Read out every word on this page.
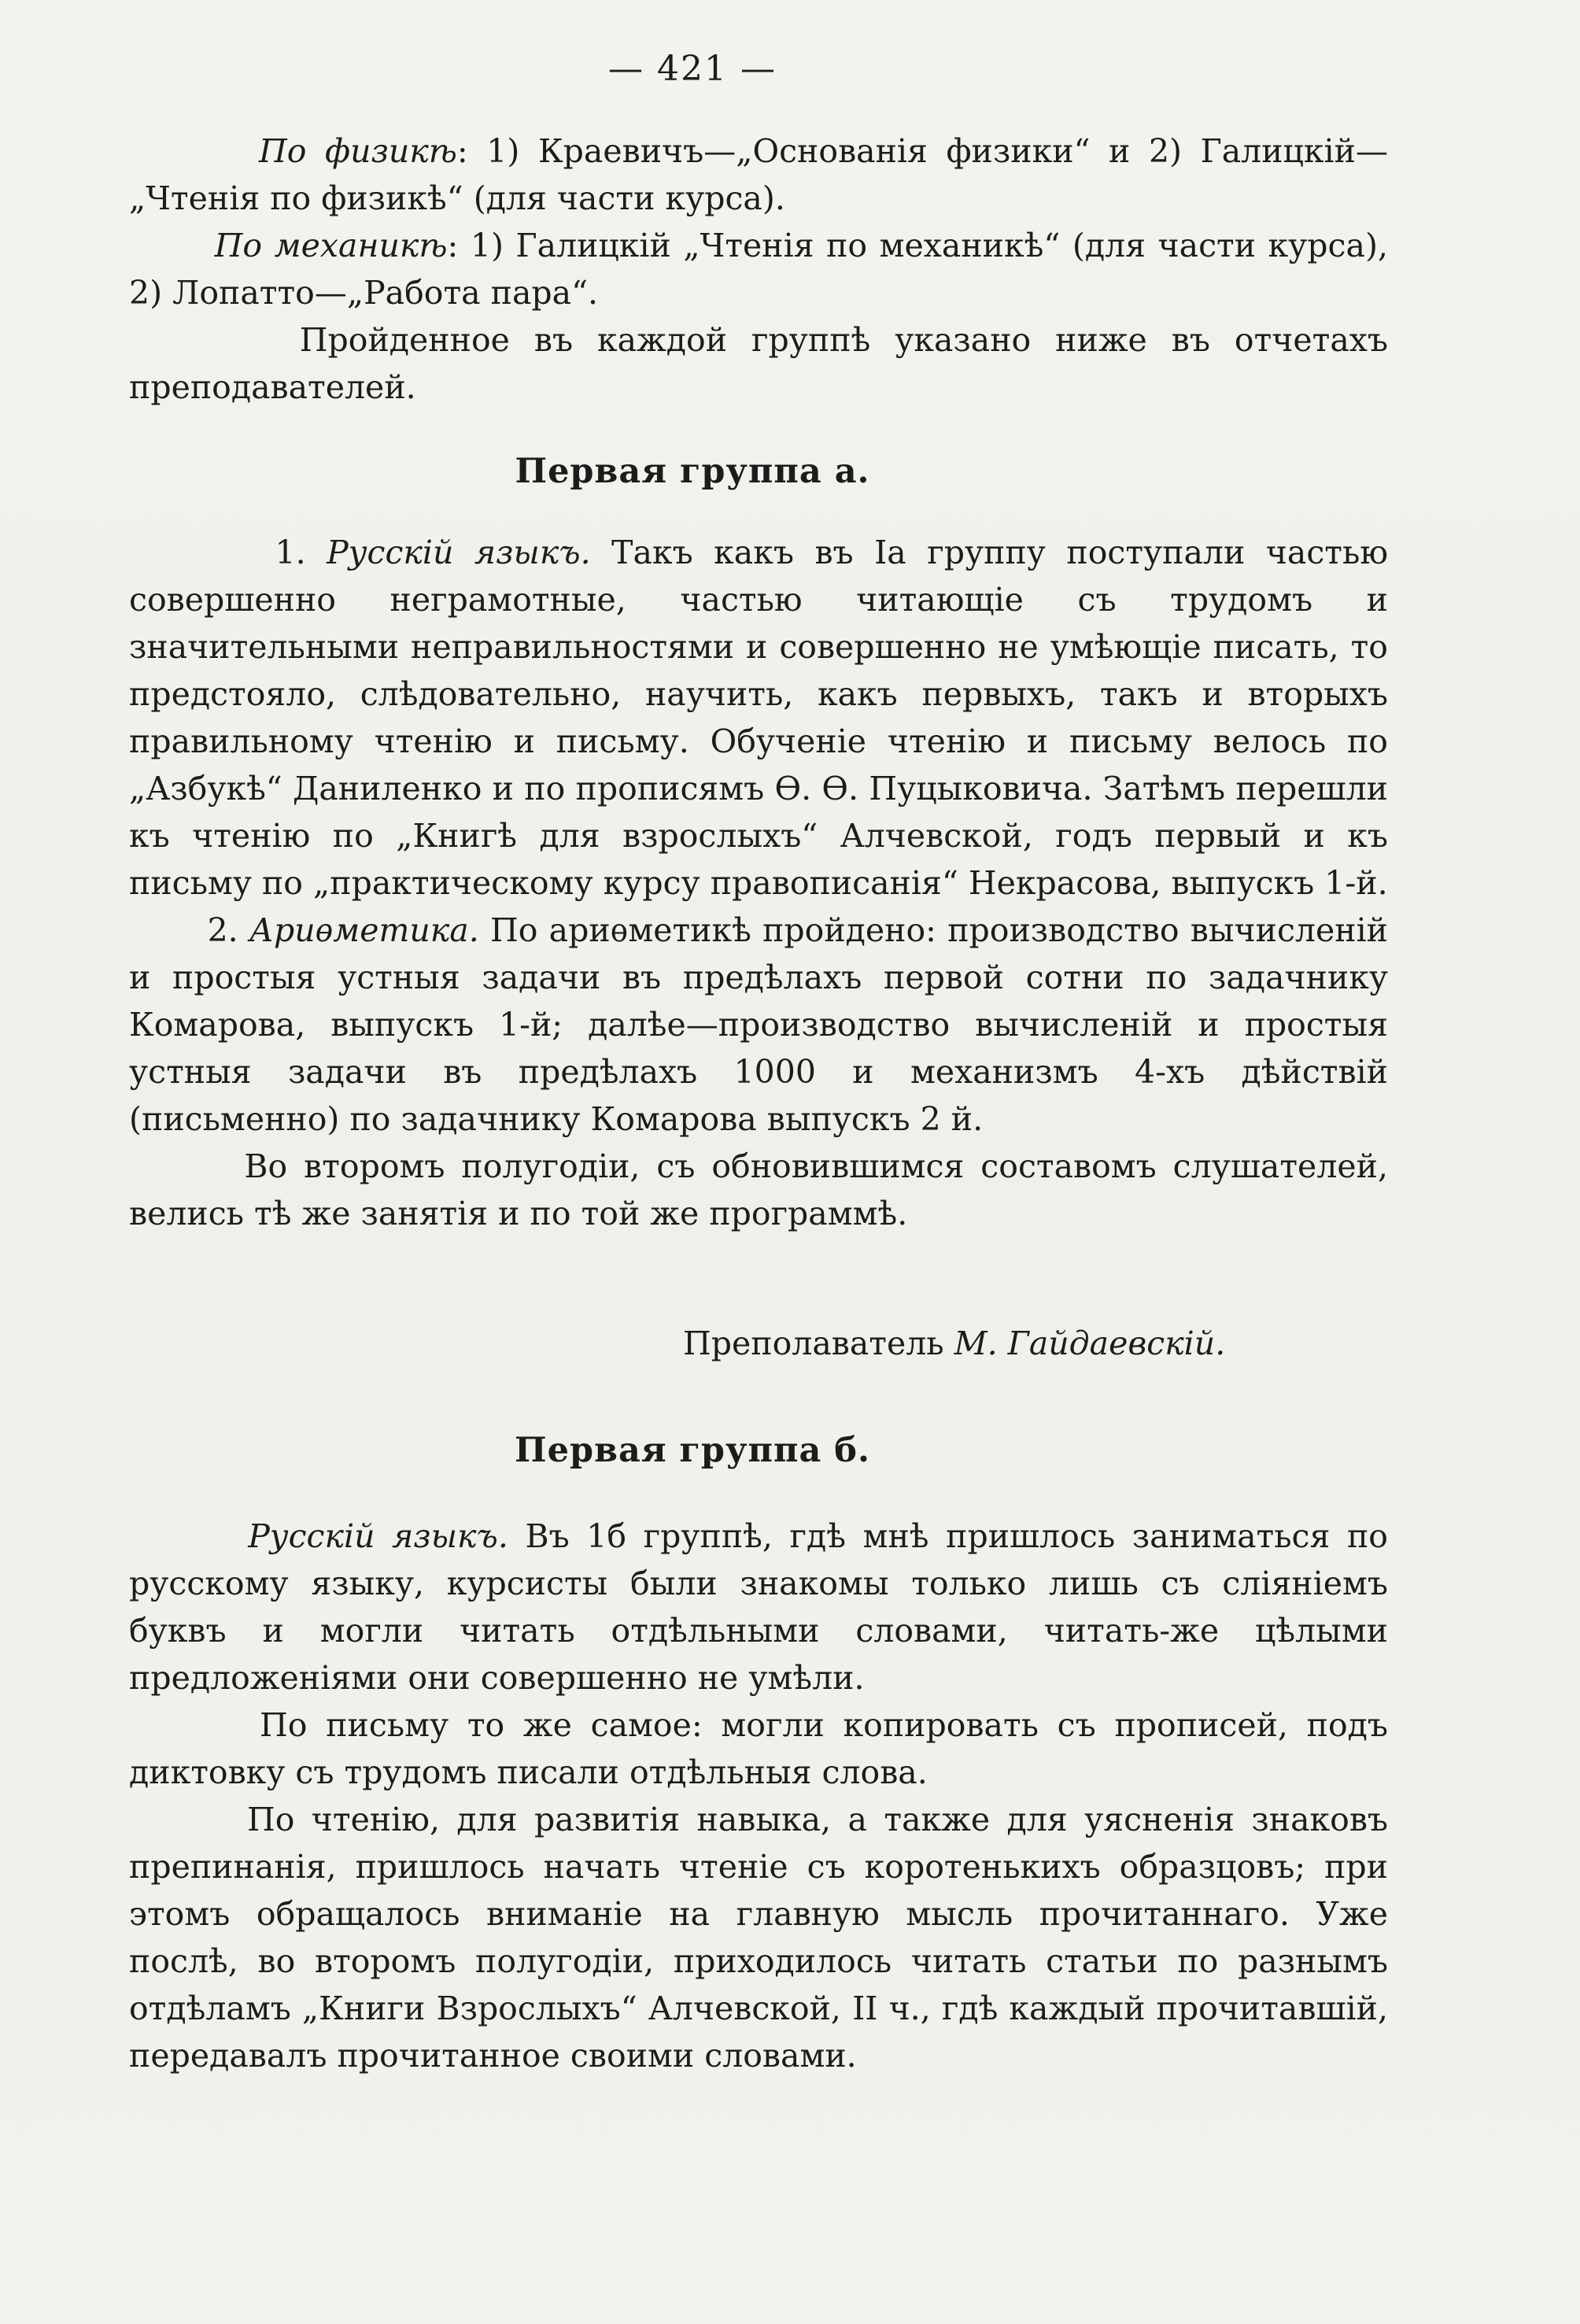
— 421 —

По физикѣ: 1) Краевичъ—„Основанія физики“ и 2) Галицкій—„Чтенія по физикѣ“ (для части курса).

По механикѣ: 1) Галицкій „Чтенія по механикѣ“ (для части курса), 2) Лопатто—„Работа пара“.

Пройденное въ каждой группѣ указано ниже въ отчетахъ преподавателей.

Первая группа а.

1. Русскій языкъ. Такъ какъ въ Ia группу поступали частью совершенно неграмотные, частью читающіе съ трудомъ и значительными неправильностями и совершенно не умѣющіе писать, то предстояло, слѣдовательно, научить, какъ первыхъ, такъ и вторыхъ правильному чтенію и письму. Обученіе чтенію и письму велось по „Азбукѣ“ Даниленко и по прописямъ Ѳ. Ѳ. Пуцыковича. Затѣмъ перешли къ чтенію по „Книгѣ для взрослыхъ“ Алчевской, годъ первый и къ письму по „практическому курсу правописанія“ Некрасова, выпускъ 1-й.

2. Ариѳметика. По ариѳметикѣ пройдено: производство вычисленій и простыя устныя задачи въ предѣлахъ первой сотни по задачнику Комарова, выпускъ 1-й; далѣе—производство вычисленій и простыя устныя задачи въ предѣлахъ 1000 и механизмъ 4-хъ дѣйствій (письменно) по задачнику Комарова выпускъ 2 й.

Во второмъ полугодіи, съ обновившимся составомъ слушателей, велись тѣ же занятія и по той же программѣ.

Преполаватель М. Гайдаевскій.
Первая группа б.

Русскій языкъ. Въ 1б группѣ, гдѣ мнѣ пришлось заниматься по русскому языку, курсисты были знакомы только лишь съ сліяніемъ буквъ и могли читать отдѣльными словами, читать-же цѣлыми предложеніями они совершенно не умѣли.

По письму то же самое: могли копировать съ прописей, подъ диктовку съ трудомъ писали отдѣльныя слова.

По чтенію, для развитія навыка, а также для уясненія знаковъ препинанія, пришлось начать чтеніе съ коротенькихъ образцовъ; при этомъ обращалось вниманіе на главную мысль прочитаннаго. Уже послѣ, во второмъ полугодіи, приходилось читать статьи по разнымъ отдѣламъ „Книги Взрослыхъ“ Алчевской, II ч., гдѣ каждый прочитавшій, передавалъ прочитанное своими словами.
